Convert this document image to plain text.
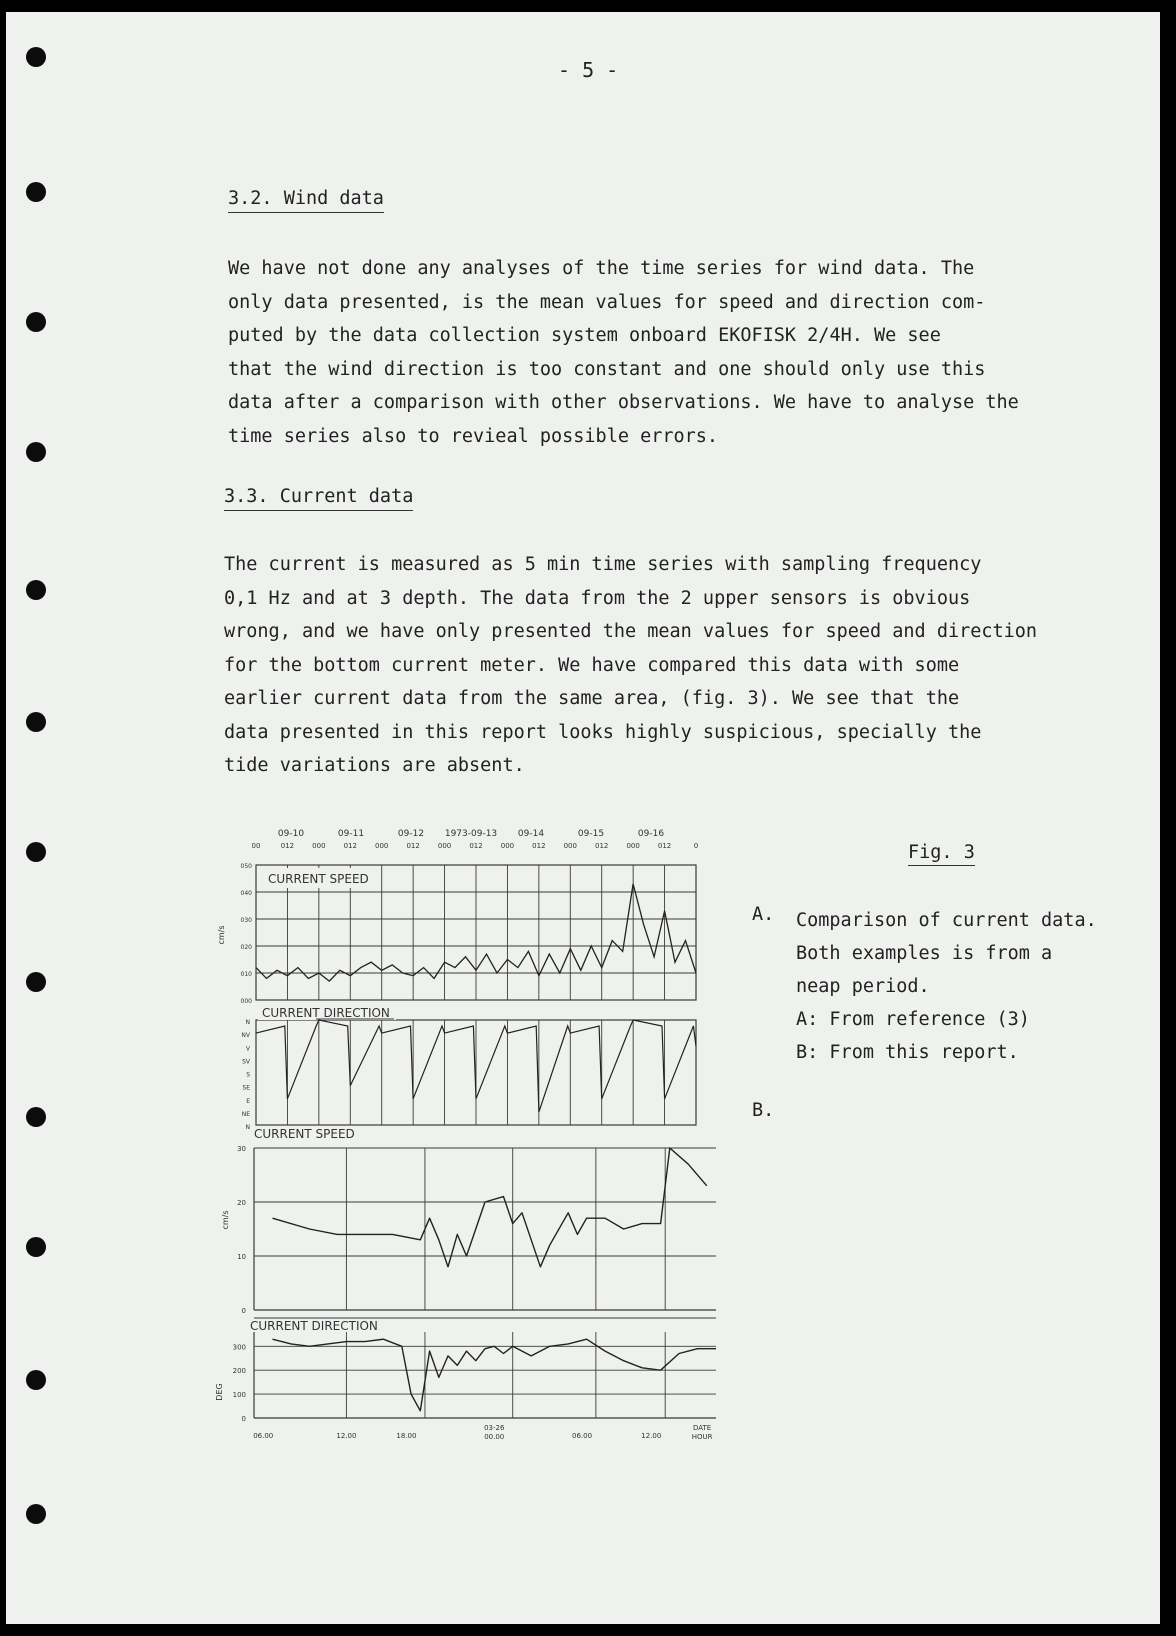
- 5 -
3.2. Wind data
We have not done any analyses of the time series for wind data. The
only data presented, is the mean values for speed and direction com-
puted by the data collection system onboard EKOFISK 2/4H. We see
that the wind direction is too constant and one should only use this
data after a comparison with other observations. We have to analyse the
time series also to revieal possible errors.
3.3. Current data
The current is measured as 5 min time series with sampling frequency
0,1 Hz and at 3 depth. The data from the 2 upper sensors is obvious
wrong, and we have only presented the mean values for speed and direction
for the bottom current meter. We have compared this data with some
earlier current data from the same area, (fig. 3). We see that the
data presented in this report looks highly suspicious, specially the
tide variations are absent.
Fig. 3
A. Comparison of current data.
Both examples is from a
neap period.
A: From reference (3)
B: From this report.
B.
09-10	09-11	09-12 1973-09-13 09-14	09-15	09-16
00	012	000	012	000	012	000	012	000	012	000	012	000	012	0
CURRENT SPEED
050
040
030
020
010
000
cm/s
CURRENT DIRECTION
N
NV
V
SV
S
SE
E
NE
N CURRENT SPEED
30
20
10
0
cm/s
CURRENT DIRECTION
300
200
100
0
DEG
06.00	12.00	18.00
03-26
00.00	06.00	12.00
DATE
HOUR
